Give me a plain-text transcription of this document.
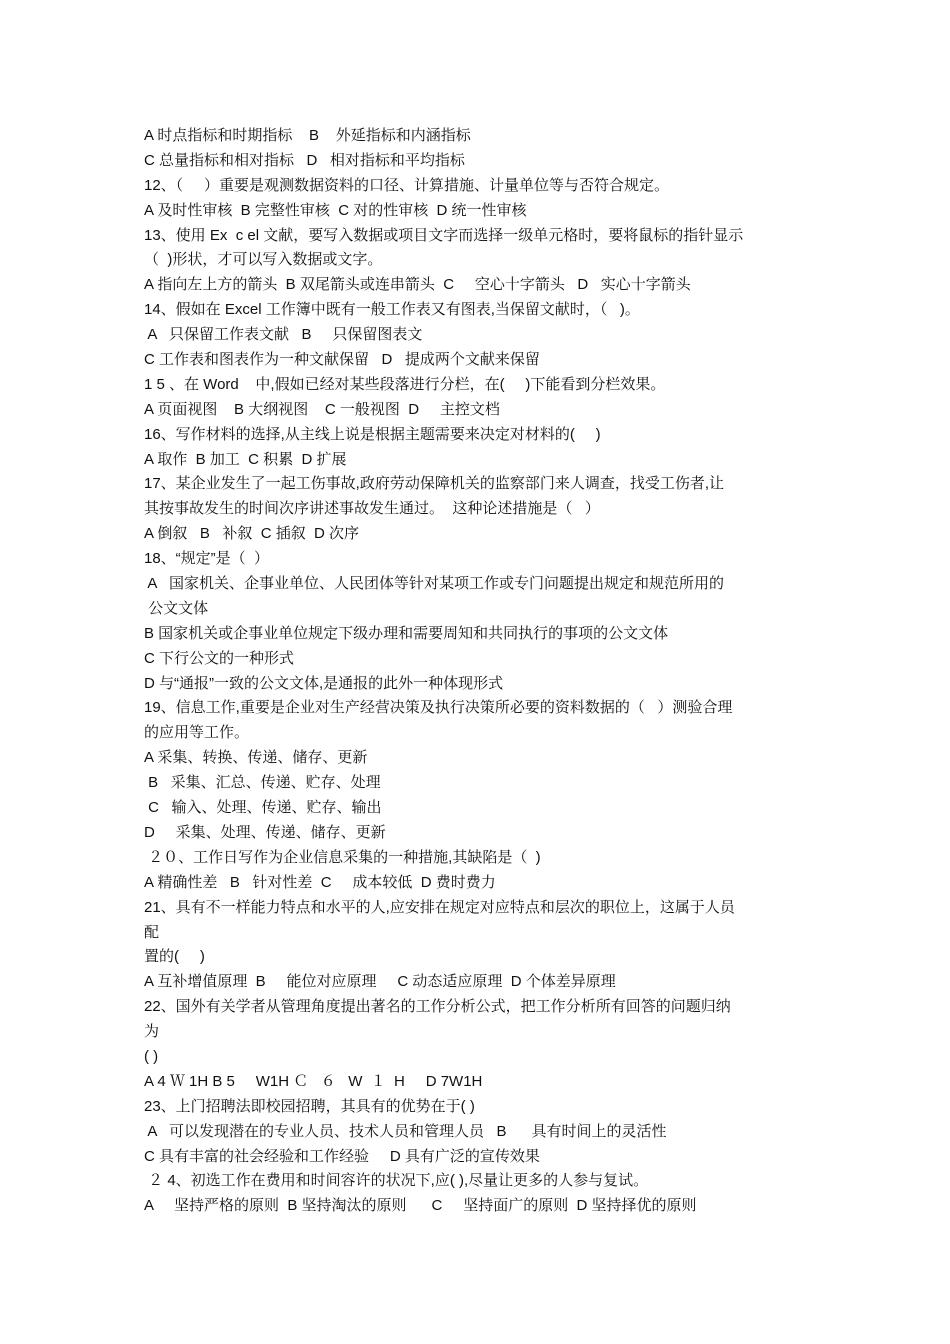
A 时点指标和时期指标    B    外延指标和内涵指标
C 总量指标和相对指标   D   相对指标和平均指标
12、（     ）重要是观测数据资料的口径、计算措施、计量单位等与否符合规定。
A 及时性审核  B 完整性审核  C 对的性审核  D 统一性审核
13、使用 Ex  c el 文献，要写入数据或项目文字而选择一级单元格时，要将鼠标的指针显示
（  )形状，才可以写入数据或文字。
A 指向左上方的箭头  B 双尾箭头或连串箭头  C     空心十字箭头   D   实心十字箭头
14、假如在 Excel 工作簿中既有一般工作表又有图表,当保留文献时，（   )。
A   只保留工作表文献   B     只保留图表文
C 工作表和图表作为一种文献保留   D   提成两个文献来保留
1 5 、在 Word    中,假如已经对某些段落进行分栏，在(     )下能看到分栏效果。
A 页面视图    B 大纲视图    C 一般视图  D     主控文档
16、写作材料的选择,从主线上说是根据主题需要来决定对材料的(     )
A 取作  B 加工  C 积累  D 扩展
17、某企业发生了一起工伤事故,政府劳动保障机关的监察部门来人调查，找受工伤者,让
其按事故发生的时间次序讲述事故发生通过。  这种论述措施是（   ）
A 倒叙   B   补叙  C 插叙  D 次序
18、“规定”是（  ）
A   国家机关、企事业单位、人民团体等针对某项工作或专门问题提出规定和规范所用的
公文文体
B 国家机关或企事业单位规定下级办理和需要周知和共同执行的事项的公文文体
C 下行公文的一种形式
D 与“通报”一致的公文文体,是通报的此外一种体现形式
19、信息工作,重要是企业对生产经营决策及执行决策所必要的资料数据的（   ）测验合理
的应用等工作。
A 采集、转换、传递、储存、更新
B   采集、汇总、传递、贮存、处理
C   输入、处理、传递、贮存、输出
D     采集、处理、传递、储存、更新
２０、工作日写作为企业信息采集的一种措施,其缺陷是（  )
A 精确性差   B   针对性差  C     成本较低  D 费时费力
21、具有不一样能力特点和水平的人,应安排在规定对应特点和层次的职位上，这属于人员
配
置的(     )
A 互补增值原理  B     能位对应原理     C 动态适应原理  D 个体差异原理
22、国外有关学者从管理角度提出著名的工作分析公式，把工作分析所有回答的问题归纳
为
( )
A 4 Ｗ 1H B 5     W1H Ｃ   ６   W  １  H     D 7W1H
23、上门招聘法即校园招聘，其具有的优势在于( )
A   可以发现潜在的专业人员、技术人员和管理人员   B      具有时间上的灵活性
C 具有丰富的社会经验和工作经验     D 具有广泛的宣传效果
２ 4、初选工作在费用和时间容许的状况下,应( ),尽量让更多的人参与复试。
A     坚持严格的原则  B 坚持淘汰的原则      C     坚持面广的原则  D 坚持择优的原则
